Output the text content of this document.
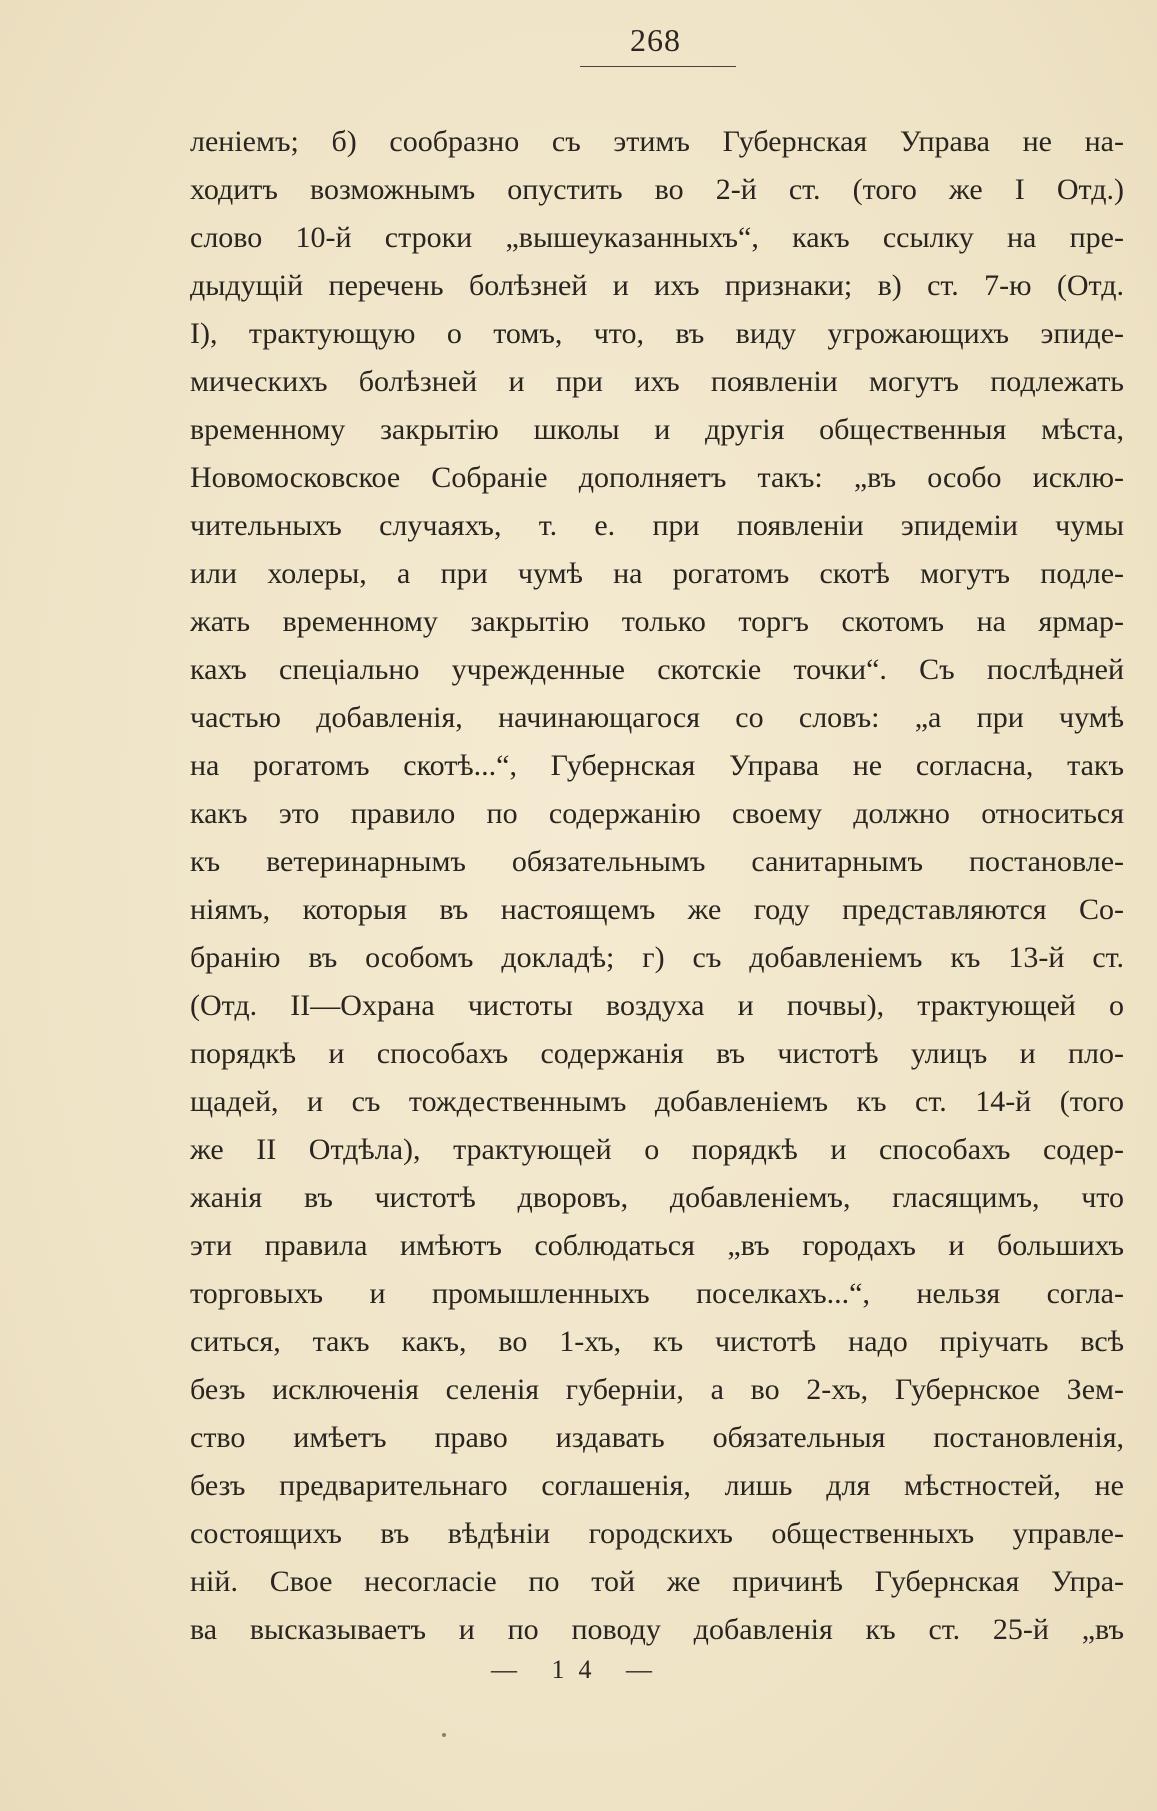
268
леніемъ; б) сообразно съ этимъ Губернская Управа не на-
ходитъ возможнымъ опустить во 2-й ст. (того же I Отд.)
слово 10-й строки „вышеуказанныхъ“, какъ ссылку на пре-
дыдущій перечень болѣзней и ихъ признаки; в) ст. 7-ю (Отд.
I), трактующую о томъ, что, въ виду угрожающихъ эпиде-
мическихъ болѣзней и при ихъ появленіи могутъ подлежать
временному закрытію школы и другія общественныя мѣста,
Новомосковское Собраніе дополняетъ такъ: „въ особо исклю-
чительныхъ случаяхъ, т. е. при появленіи эпидеміи чумы
или холеры, а при чумѣ на рогатомъ скотѣ могутъ подле-
жать временному закрытію только торгъ скотомъ на ярмар-
кахъ спеціально учрежденные скотскіе точки“. Съ послѣдней
частью добавленія, начинающагося со словъ: „а при чумѣ
на рогатомъ скотѣ...“, Губернская Управа не согласна, такъ
какъ это правило по содержанію своему должно относиться
къ ветеринарнымъ обязательнымъ санитарнымъ постановле-
ніямъ, которыя въ настоящемъ же году представляются Со-
бранію въ особомъ докладѣ; г) съ добавленіемъ къ 13-й ст.
(Отд. II—Охрана чистоты воздуха и почвы), трактующей о
порядкѣ и способахъ содержанія въ чистотѣ улицъ и пло-
щадей, и съ тождественнымъ добавленіемъ къ ст. 14-й (того
же II Отдѣла), трактующей о порядкѣ и способахъ содер-
жанія въ чистотѣ дворовъ, добавленіемъ, гласящимъ, что
эти правила имѣютъ соблюдаться „въ городахъ и большихъ
торговыхъ и промышленныхъ поселкахъ...“, нельзя согла-
ситься, такъ какъ, во 1-хъ, къ чистотѣ надо пріучать всѣ
безъ исключенія селенія губерніи, а во 2-хъ, Губернское Зем-
ство имѣетъ право издавать обязательныя постановленія,
безъ предварительнаго соглашенія, лишь для мѣстностей, не
состоящихъ въ вѣдѣніи городскихъ общественныхъ управле-
ній. Свое несогласіе по той же причинѣ Губернская Упра-
ва высказываетъ и по поводу добавленія къ ст. 25-й „въ
— 14 —
